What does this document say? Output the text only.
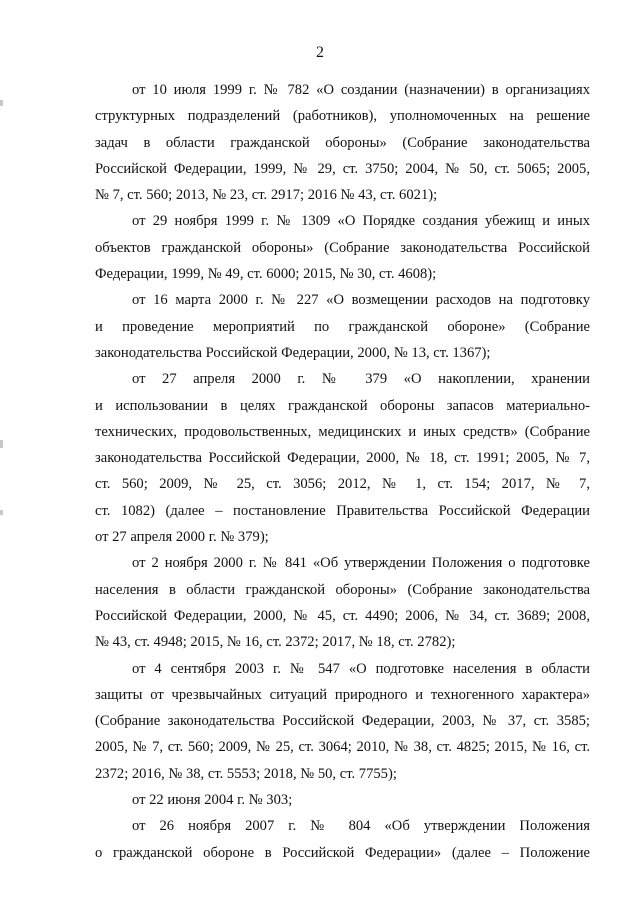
2
от 10 июля 1999 г. № 782 «О создании (назначении) в организациях
структурных подразделений (работников), уполномоченных на решение
задач в области гражданской обороны» (Собрание законодательства
Российской Федерации, 1999, № 29, ст. 3750; 2004, № 50, ст. 5065; 2005,
№ 7, ст. 560; 2013, № 23, ст. 2917; 2016 № 43, ст. 6021);
от 29 ноября 1999 г. № 1309 «О Порядке создания убежищ и иных
объектов гражданской обороны» (Собрание законодательства Российской
Федерации, 1999, № 49, ст. 6000; 2015, № 30, ст. 4608);
от 16 марта 2000 г. № 227 «О возмещении расходов на подготовку
и проведение мероприятий по гражданской обороне» (Собрание
законодательства Российской Федерации, 2000, № 13, ст. 1367);
от 27 апреля 2000 г. № 379 «О накоплении, хранении
и использовании в целях гражданской обороны запасов материально-
технических, продовольственных, медицинских и иных средств» (Собрание
законодательства Российской Федерации, 2000, № 18, ст. 1991; 2005, № 7,
ст. 560; 2009, № 25, ст. 3056; 2012, № 1, ст. 154; 2017, № 7,
ст. 1082) (далее – постановление Правительства Российской Федерации
от 27 апреля 2000 г. № 379);
от 2 ноября 2000 г. № 841 «Об утверждении Положения о подготовке
населения в области гражданской обороны» (Собрание законодательства
Российской Федерации, 2000, № 45, ст. 4490; 2006, № 34, ст. 3689; 2008,
№ 43, ст. 4948; 2015, № 16, ст. 2372; 2017, № 18, ст. 2782);
от 4 сентября 2003 г. № 547 «О подготовке населения в области
защиты от чрезвычайных ситуаций природного и техногенного характера»
(Собрание законодательства Российской Федерации, 2003, № 37, ст. 3585;
2005, № 7, ст. 560; 2009, № 25, ст. 3064; 2010, № 38, ст. 4825; 2015, № 16, ст.
2372; 2016, № 38, ст. 5553; 2018, № 50, ст. 7755);
от 22 июня 2004 г. № 303;
от 26 ноября 2007 г. № 804 «Об утверждении Положения
о гражданской обороне в Российской Федерации» (далее – Положение
